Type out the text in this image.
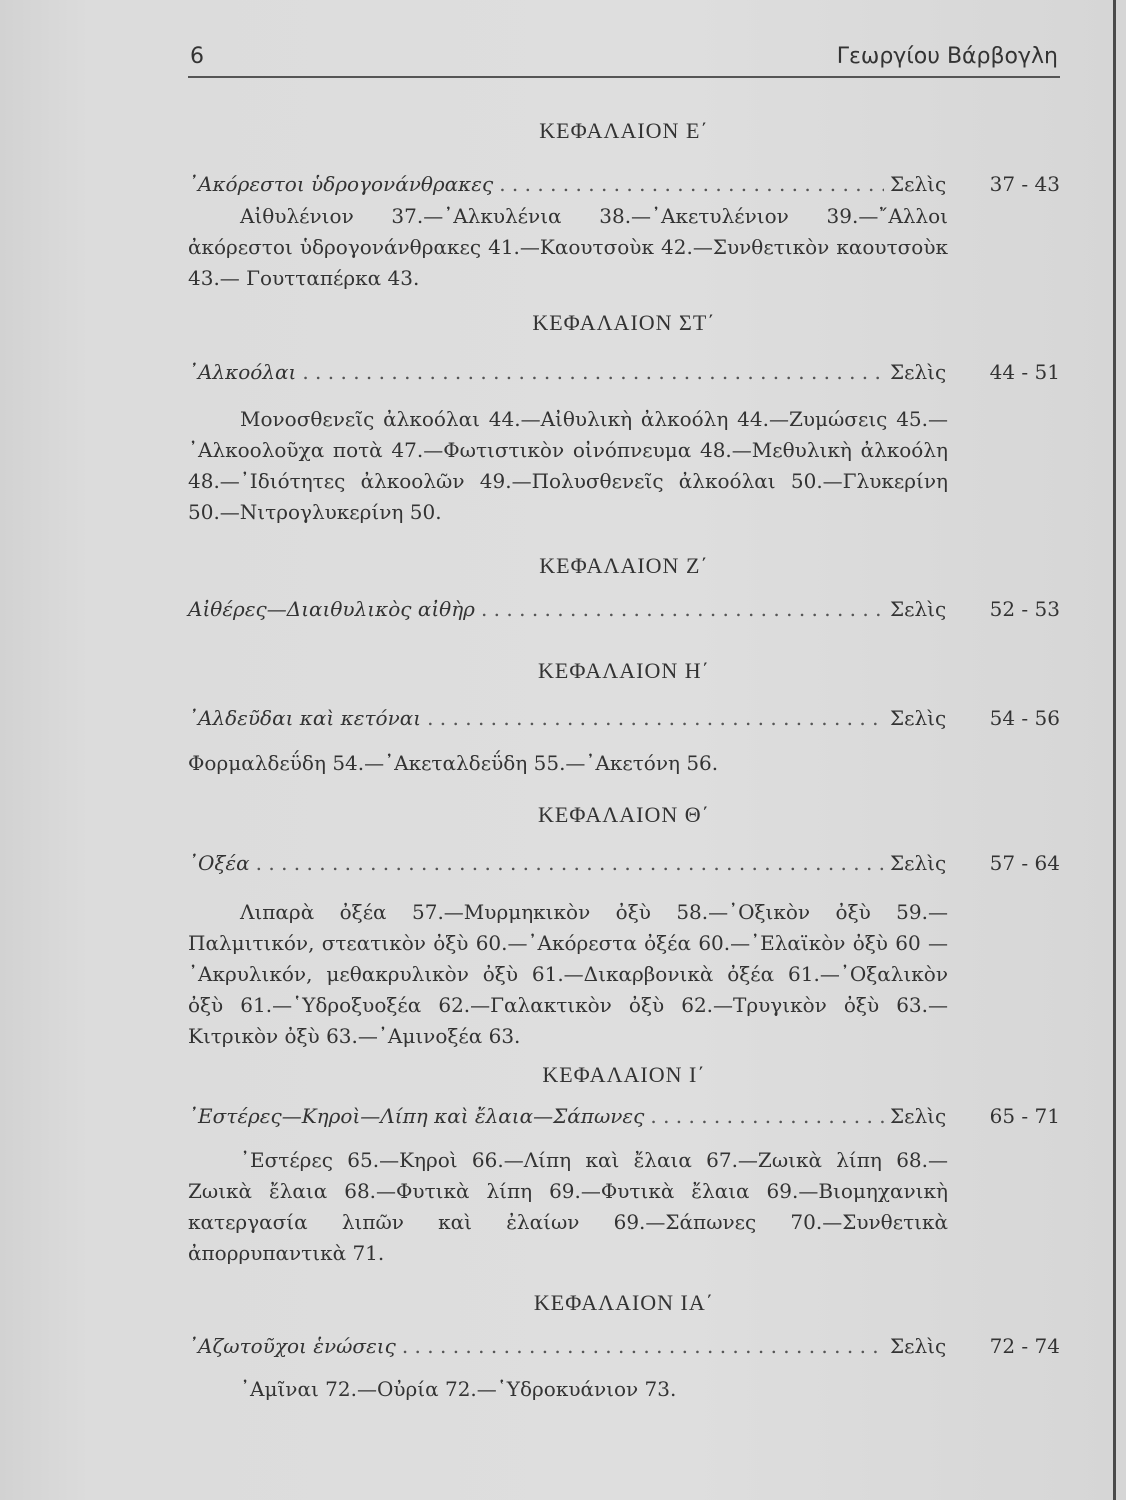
6	Γεωργίου Βάρβογλη
ΚΕΦΑΛΑΙΟΝ Ε΄
᾿Ακόρεστοι ὑδρογονάνθρακες . . .	Σελὶς	37 - 43
Αἰθυλένιον 37.—᾿Αλκυλένια 38.—᾿Ακετυλένιον 39.—῎Αλλοι ἀκόρεστοι ὑδρογονάνθρακες 41.—Καουτσοὺκ 42.—Συνθετικὸν καουτσοὺκ 43.— Γουτταπέρκα 43.
ΚΕΦΑΛΑΙΟΝ ΣΤ΄
᾿Αλκοόλαι . . .	Σελὶς	44 - 51
Μονοσθενεῖς ἀλκοόλαι 44.—Αἰθυλικὴ ἀλκοόλη 44.—Ζυμώσεις 45.— ᾿Αλκοολοῦχα ποτὰ 47.—Φωτιστικὸν οἰνόπνευμα 48.—Μεθυλικὴ ἀλκοόλη 48.—᾿Ιδιότητες ἀλκοολῶν 49.—Πολυσθενεῖς ἀλκοόλαι 50.—Γλυκερίνη 50.—Νιτρογλυκερίνη 50.
ΚΕΦΑΛΑΙΟΝ Ζ΄
Αἰθέρες—Διαιθυλικὸς αἰθὴρ . . .	Σελὶς	52 - 53
ΚΕΦΑΛΑΙΟΝ Η΄
᾿Αλδεῦδαι καὶ κετόναι . . .	Σελὶς	54 - 56
Φορμαλδεΰδη 54.—᾿Ακεταλδεΰδη 55.—᾿Ακετόνη 56.
ΚΕΦΑΛΑΙΟΝ Θ΄
᾿Οξέα . . .	Σελὶς	57 - 64
Λιπαρὰ ὀξέα 57.—Μυρμηκικὸν ὀξὺ 58.—᾿Οξικὸν ὀξὺ 59.—Παλμιτικόν, στεατικὸν ὀξὺ 60.—᾿Ακόρεστα ὀξέα 60.—᾿Ελαϊκὸν ὀξὺ 60 — ᾿Ακρυλικόν, μεθακρυλικὸν ὀξὺ 61.—Δικαρβονικὰ ὀξέα 61.—᾿Οξαλικὸν ὀξὺ 61.—῾Υδροξυοξέα 62.—Γαλακτικὸν ὀξὺ 62.—Τρυγικὸν ὀξὺ 63.—Κιτρικὸν ὀξὺ 63.—᾿Αμινοξέα 63.
ΚΕΦΑΛΑΙΟΝ Ι΄
᾿Εστέρες—Κηροὶ—Λίπη καὶ ἔλαια—Σάπωνες . . .	Σελὶς	65 - 71
᾿Εστέρες 65.—Κηροὶ 66.—Λίπη καὶ ἔλαια 67.—Ζωικὰ λίπη 68.— Ζωικὰ ἔλαια 68.—Φυτικὰ λίπη 69.—Φυτικὰ ἔλαια 69.—Βιομηχανικὴ κατεργασία λιπῶν καὶ ἐλαίων 69.—Σάπωνες 70.—Συνθετικὰ ἀπορρυπαντικὰ 71.
ΚΕΦΑΛΑΙΟΝ ΙΑ΄
᾿Αζωτοῦχοι ἑνώσεις . . .	Σελὶς	72 - 74
᾿Αμῖναι 72.—Οὐρία 72.—῾Υδροκυάνιον 73.
